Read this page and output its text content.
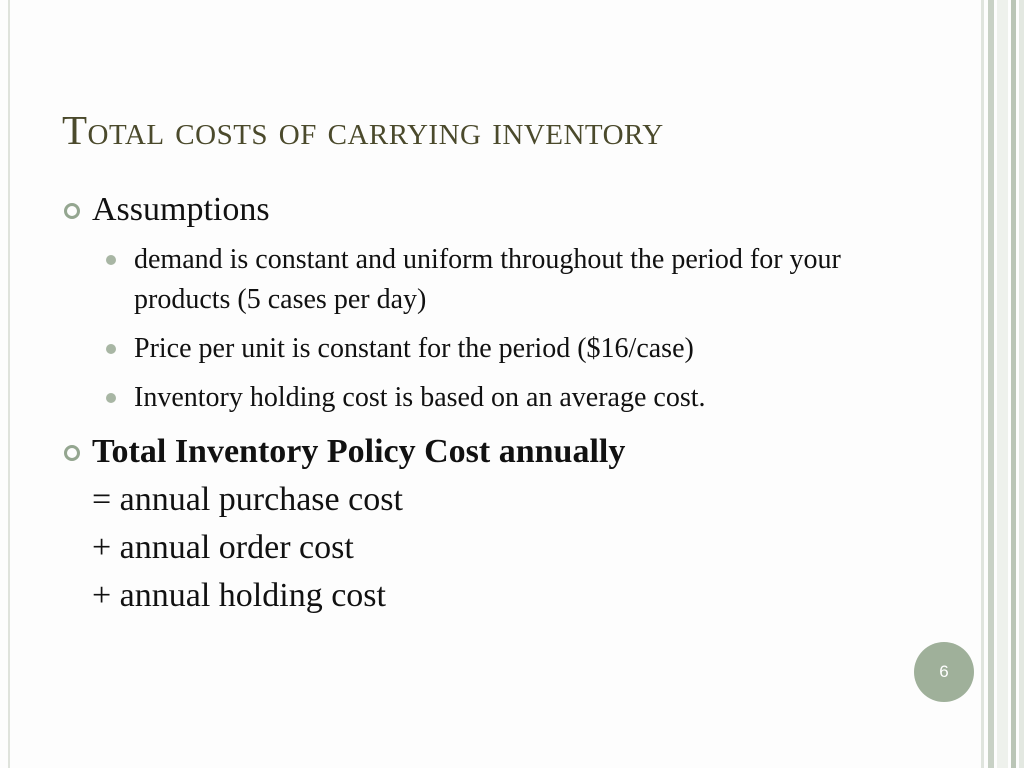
Total costs of carrying inventory
Assumptions
demand is constant and uniform throughout the period for your products (5 cases per day)
Price per unit is constant for the period ($16/case)
Inventory holding cost is based on an average cost.
Total Inventory Policy Cost annually
= annual purchase cost
+ annual order cost
+ annual holding cost
6
